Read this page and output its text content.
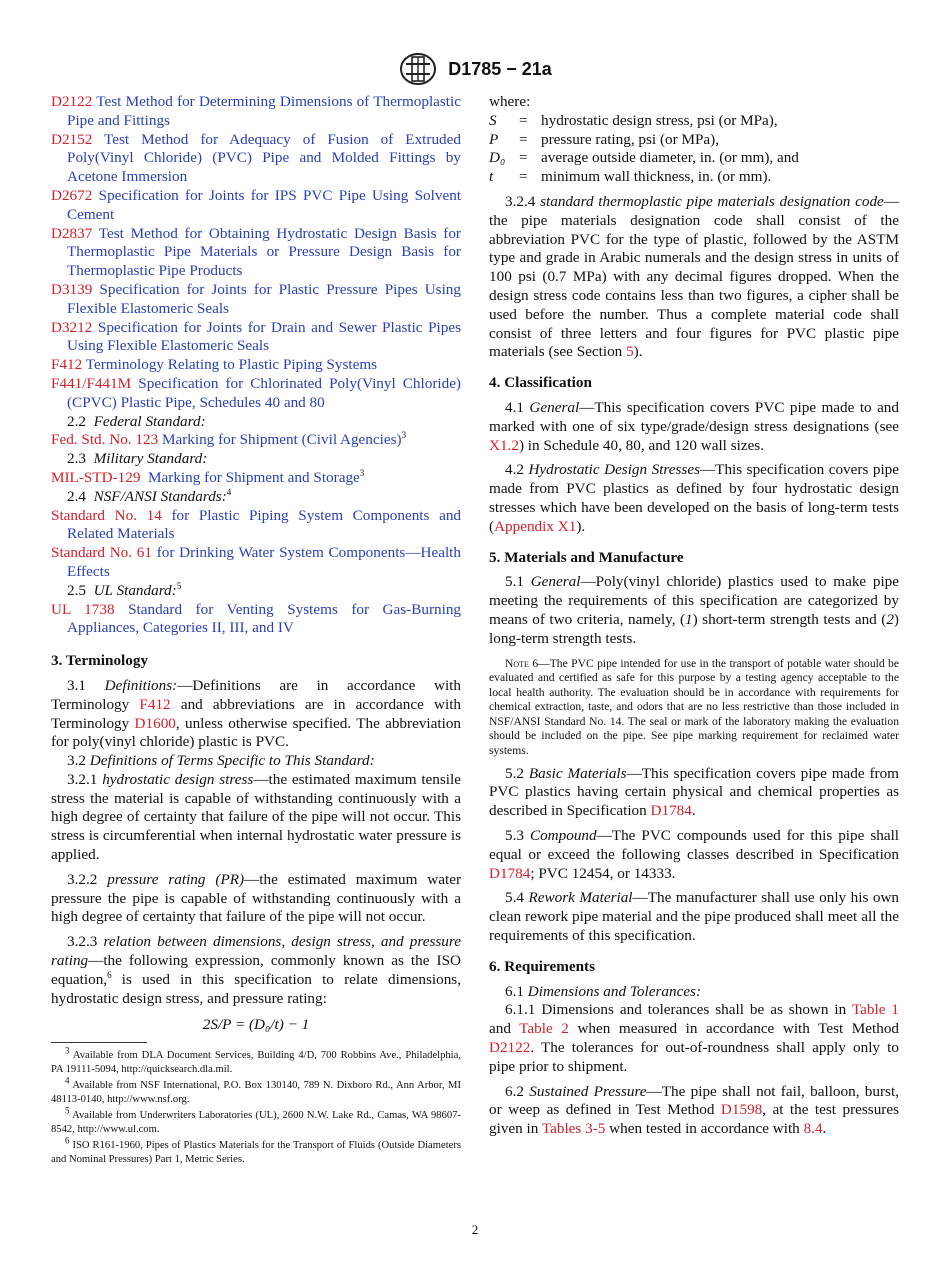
D1785 − 21a

D2122 Test Method for Determining Dimensions of Thermoplastic Pipe and Fittings

D2152 Test Method for Adequacy of Fusion of Extruded Poly(Vinyl Chloride) (PVC) Pipe and Molded Fittings by Acetone Immersion

D2672 Specification for Joints for IPS PVC Pipe Using Solvent Cement

D2837 Test Method for Obtaining Hydrostatic Design Basis for Thermoplastic Pipe Materials or Pressure Design Basis for Thermoplastic Pipe Products

D3139 Specification for Joints for Plastic Pressure Pipes Using Flexible Elastomeric Seals

D3212 Specification for Joints for Drain and Sewer Plastic Pipes Using Flexible Elastomeric Seals

F412 Terminology Relating to Plastic Piping Systems

F441/F441M Specification for Chlorinated Poly(Vinyl Chloride) (CPVC) Plastic Pipe, Schedules 40 and 80

2.2 Federal Standard:

Fed. Std. No. 123 Marking for Shipment (Civil Agencies)$^3$

2.3 Military Standard:

MIL-STD-129 Marking for Shipment and Storage$^3$

2.4 NSF/ANSI Standards:$^4$

Standard No. 14 for Plastic Piping System Components and Related Materials

Standard No. 61 for Drinking Water System Components—Health Effects

2.5 UL Standard:$^5$

UL 1738 Standard for Venting Systems for Gas-Burning Appliances, Categories II, III, and IV

3. Terminology

3.1 Definitions:—Definitions are in accordance with Terminology F412 and abbreviations are in accordance with Terminology D1600, unless otherwise specified. The abbreviation for poly(vinyl chloride) plastic is PVC.

3.2 Definitions of Terms Specific to This Standard:

3.2.1 hydrostatic design stress—the estimated maximum tensile stress the material is capable of withstanding continuously with a high degree of certainty that failure of the pipe will not occur. This stress is circumferential when internal hydrostatic water pressure is applied.

3.2.2 pressure rating (PR)—the estimated maximum water pressure the pipe is capable of withstanding continuously with a high degree of certainty that failure of the pipe will not occur.

3.2.3 relation between dimensions, design stress, and pressure rating—the following expression, commonly known as the ISO equation,$^6$ is used in this specification to relate dimensions, hydrostatic design stress, and pressure rating:

2S/P = (D₀/t) − 1

$^3$ Available from DLA Document Services, Building 4/D, 700 Robbins Ave., Philadelphia, PA 19111-5094, http://quicksearch.dla.mil.

$^4$ Available from NSF International, P.O. Box 130140, 789 N. Dixboro Rd., Ann Arbor, MI 48113-0140, http://www.nsf.org.

$^5$ Available from Underwriters Laboratories (UL), 2600 N.W. Lake Rd., Camas, WA 98607-8542, http://www.ul.com.

$^6$ ISO R161-1960, Pipes of Plastics Materials for the Transport of Fluids (Outside Diameters and Nominal Pressures) Part 1, Metric Series.

where:

S	= hydrostatic design stress, psi (or MPa),
P	= pressure rating, psi (or MPa),
D₀ = average outside diameter, in. (or mm), and
t	= minimum wall thickness, in. (or mm).

3.2.4 standard thermoplastic pipe materials designation code—the pipe materials designation code shall consist of the abbreviation PVC for the type of plastic, followed by the ASTM type and grade in Arabic numerals and the design stress in units of 100 psi (0.7 MPa) with any decimal figures dropped. When the design stress code contains less than two figures, a cipher shall be used before the number. Thus a complete material code shall consist of three letters and four figures for PVC plastic pipe materials (see Section 5).

4. Classification

4.1 General—This specification covers PVC pipe made to and marked with one of six type/grade/design stress designations (see X1.2) in Schedule 40, 80, and 120 wall sizes.

4.2 Hydrostatic Design Stresses—This specification covers pipe made from PVC plastics as defined by four hydrostatic design stresses which have been developed on the basis of long-term tests (Appendix X1).

5. Materials and Manufacture

5.1 General—Poly(vinyl chloride) plastics used to make pipe meeting the requirements of this specification are categorized by means of two criteria, namely, (1) short-term strength tests and (2) long-term strength tests.

Note 6—The PVC pipe intended for use in the transport of potable water should be evaluated and certified as safe for this purpose by a testing agency acceptable to the local health authority. The evaluation should be in accordance with requirements for chemical extraction, taste, and odors that are no less restrictive than those included in NSF/ANSI Standard No. 14. The seal or mark of the laboratory making the evaluation should be included on the pipe. See pipe marking requirement for reclaimed water systems.

5.2 Basic Materials—This specification covers pipe made from PVC plastics having certain physical and chemical properties as described in Specification D1784.

5.3 Compound—The PVC compounds used for this pipe shall equal or exceed the following classes described in Specification D1784; PVC 12454, or 14333.

5.4 Rework Material—The manufacturer shall use only his own clean rework pipe material and the pipe produced shall meet all the requirements of this specification.

6. Requirements

6.1 Dimensions and Tolerances:

6.1.1 Dimensions and tolerances shall be as shown in Table 1 and Table 2 when measured in accordance with Test Method D2122. The tolerances for out-of-roundness shall apply only to pipe prior to shipment.

6.2 Sustained Pressure—The pipe shall not fail, balloon, burst, or weep as defined in Test Method D1598, at the test pressures given in Tables 3-5 when tested in accordance with 8.4.

2
